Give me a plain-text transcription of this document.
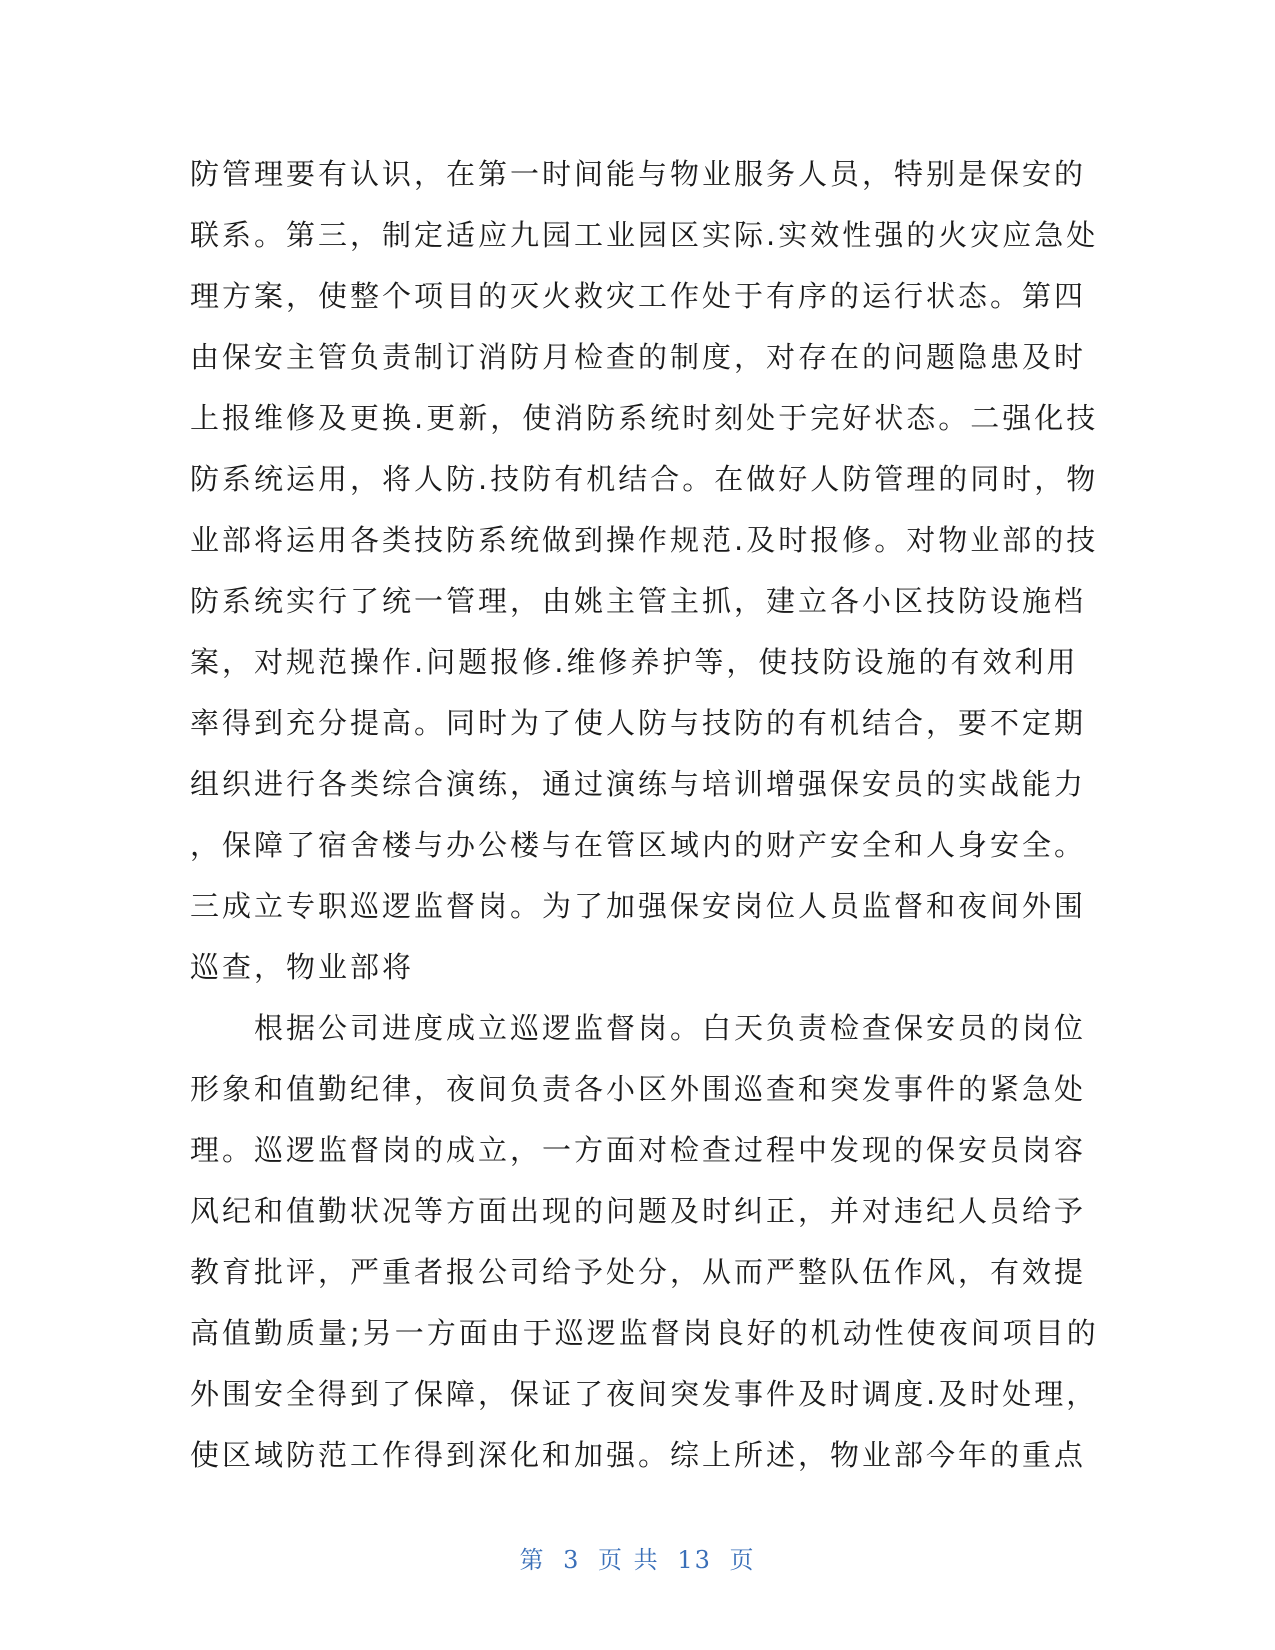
防管理要有认识，在第一时间能与物业服务人员，特别是保安的
联系。第三，制定适应九园工业园区实际.实效性强的火灾应急处
理方案，使整个项目的灭火救灾工作处于有序的运行状态。第四
由保安主管负责制订消防月检查的制度，对存在的问题隐患及时
上报维修及更换.更新，使消防系统时刻处于完好状态。二强化技
防系统运用，将人防.技防有机结合。在做好人防管理的同时，物
业部将运用各类技防系统做到操作规范.及时报修。对物业部的技
防系统实行了统一管理，由姚主管主抓，建立各小区技防设施档
案，对规范操作.问题报修.维修养护等，使技防设施的有效利用
率得到充分提高。同时为了使人防与技防的有机结合，要不定期
组织进行各类综合演练，通过演练与培训增强保安员的实战能力
，保障了宿舍楼与办公楼与在管区域内的财产安全和人身安全。
三成立专职巡逻监督岗。为了加强保安岗位人员监督和夜间外围
巡查，物业部将
　　根据公司进度成立巡逻监督岗。白天负责检查保安员的岗位
形象和值勤纪律，夜间负责各小区外围巡查和突发事件的紧急处
理。巡逻监督岗的成立，一方面对检查过程中发现的保安员岗容
风纪和值勤状况等方面出现的问题及时纠正，并对违纪人员给予
教育批评，严重者报公司给予处分，从而严整队伍作风，有效提
高值勤质量;另一方面由于巡逻监督岗良好的机动性使夜间项目的
外围安全得到了保障，保证了夜间突发事件及时调度.及时处理，
使区域防范工作得到深化和加强。综上所述，物业部今年的重点
第 3 页 共 13 页
